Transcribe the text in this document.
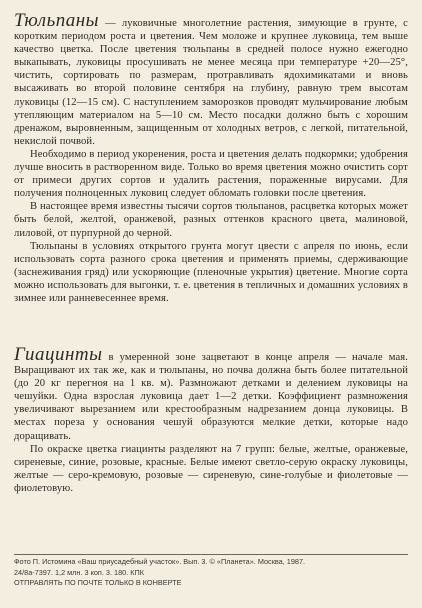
Тюльпаны — луковичные многолетние растения, зимующие в грунте, с коротким периодом роста и цветения. Чем моложе и крупнее луковица, тем выше качество цветка. После цветения тюльпаны в средней полосе нужно ежегодно выкапывать, луковицы просушивать не менее месяца при температуре +20—25°, чистить, сортировать по размерам, протравливать ядохимикатами и вновь высаживать во второй половине сентября на глубину, равную трем высотам луковицы (12—15 см). С наступлением заморозков проводят мульчирование любым утепляющим материалом на 5—10 см. Место посадки должно быть с хорошим дренажом, выровненным, защищенным от холодных ветров, с легкой, питательной, некислой почвой.

Необходимо в период укоренения, роста и цветения делать подкормки; удобрения лучше вносить в растворенном виде. Только во время цветения можно очистить сорт от примеси других сортов и удалить растения, пораженные вирусами. Для получения полноценных луковиц следует обломать головки после цветения.

В настоящее время известны тысячи сортов тюльпанов, расцветка которых может быть белой, желтой, оранжевой, разных оттенков красного цвета, малиновой, лиловой, от пурпурной до черной.

Тюльпаны в условиях открытого грунта могут цвести с апреля по июнь, если использовать сорта разного срока цветения и применять приемы, сдерживающие (заснеживания гряд) или ускоряющие (пленочные укрытия) цветение. Многие сорта можно использовать для выгонки, т. е. цветения в тепличных и домашних условиях в зимнее или ранневесеннее время.

Гиацинты в умеренной зоне зацветают в конце апреля — начале мая. Выращивают их так же, как и тюльпаны, но почва должна быть более питательной (до 20 кг перегноя на 1 кв. м). Размножают детками и делением луковицы на чешуйки. Одна взрослая луковица дает 1—2 детки. Коэффициент размножения увеличивают вырезанием или крестообразным надрезанием донца луковицы. В местах пореза у основания чешуй образуются мелкие детки, которые надо доращивать.

По окраске цветка гиацинты разделяют на 7 групп: белые, желтые, оранжевые, сиреневые, синие, розовые, красные. Белые имеют светло-серую окраску луковицы, желтые — серо-кремовую, розовые — сиреневую, сине-голубые и фиолетовые — фиолетовую.

Фото П. Истомина «Ваш приусадебный участок». Вып. 3. © «Планета». Москва, 1987.

24/8а-7397. 1,2 млн. 3 коп. 3. 180. КПК

ОТПРАВЛЯТЬ ПО ПОЧТЕ ТОЛЬКО В КОНВЕРТЕ
